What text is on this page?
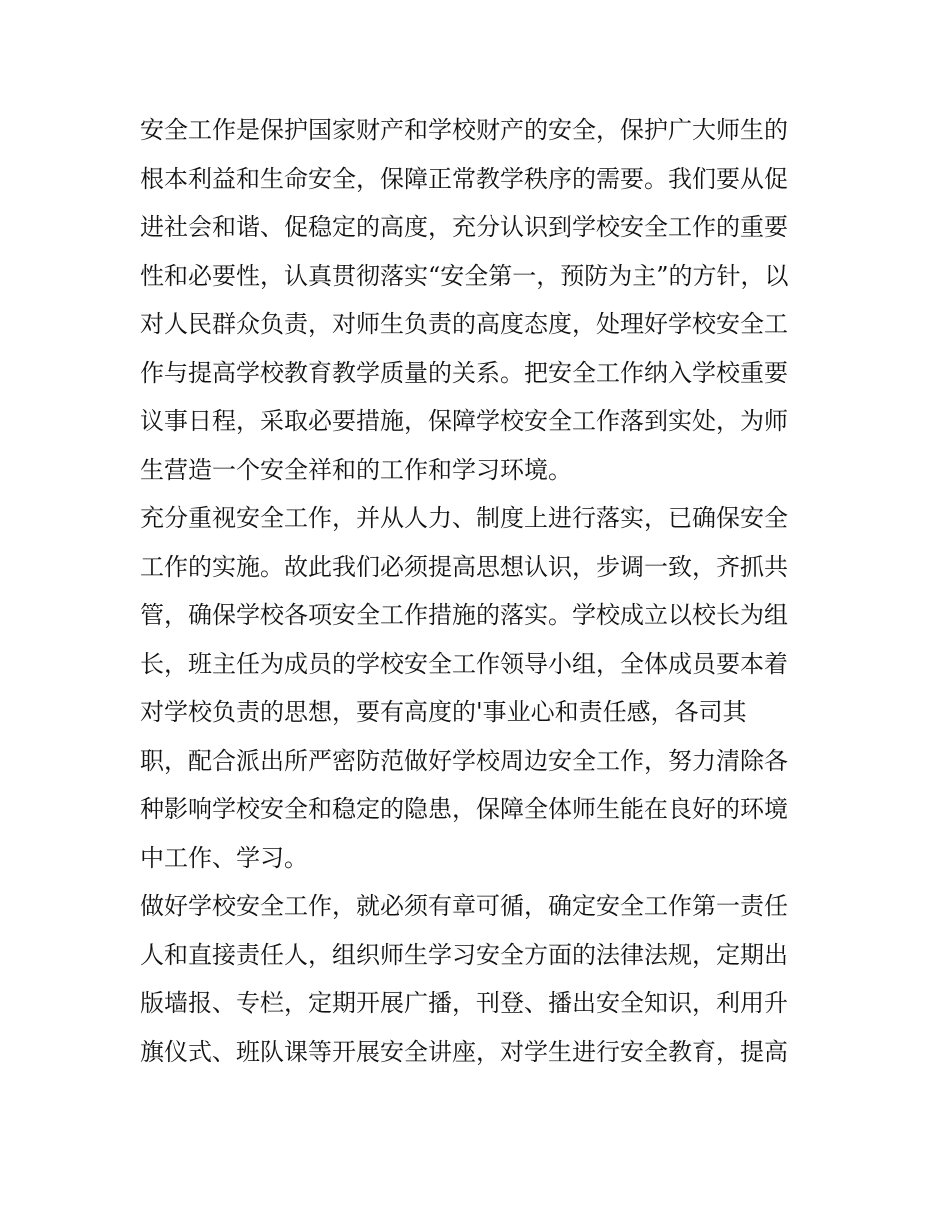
安全工作是保护国家财产和学校财产的安全，保护广大师生的
根本利益和生命安全，保障正常教学秩序的需要。我们要从促
进社会和谐、促稳定的高度，充分认识到学校安全工作的重要
性和必要性，认真贯彻落实“安全第一，预防为主”的方针，以
对人民群众负责，对师生负责的高度态度，处理好学校安全工
作与提高学校教育教学质量的关系。把安全工作纳入学校重要
议事日程，采取必要措施，保障学校安全工作落到实处，为师
生营造一个安全祥和的工作和学习环境。
充分重视安全工作，并从人力、制度上进行落实，已确保安全
工作的实施。故此我们必须提高思想认识，步调一致，齐抓共
管，确保学校各项安全工作措施的落实。学校成立以校长为组
长，班主任为成员的学校安全工作领导小组，全体成员要本着
对学校负责的思想，要有高度的'事业心和责任感，各司其
职，配合派出所严密防范做好学校周边安全工作，努力清除各
种影响学校安全和稳定的隐患，保障全体师生能在良好的环境
中工作、学习。
做好学校安全工作，就必须有章可循，确定安全工作第一责任
人和直接责任人，组织师生学习安全方面的法律法规，定期出
版墙报、专栏，定期开展广播，刊登、播出安全知识，利用升
旗仪式、班队课等开展安全讲座，对学生进行安全教育，提高
